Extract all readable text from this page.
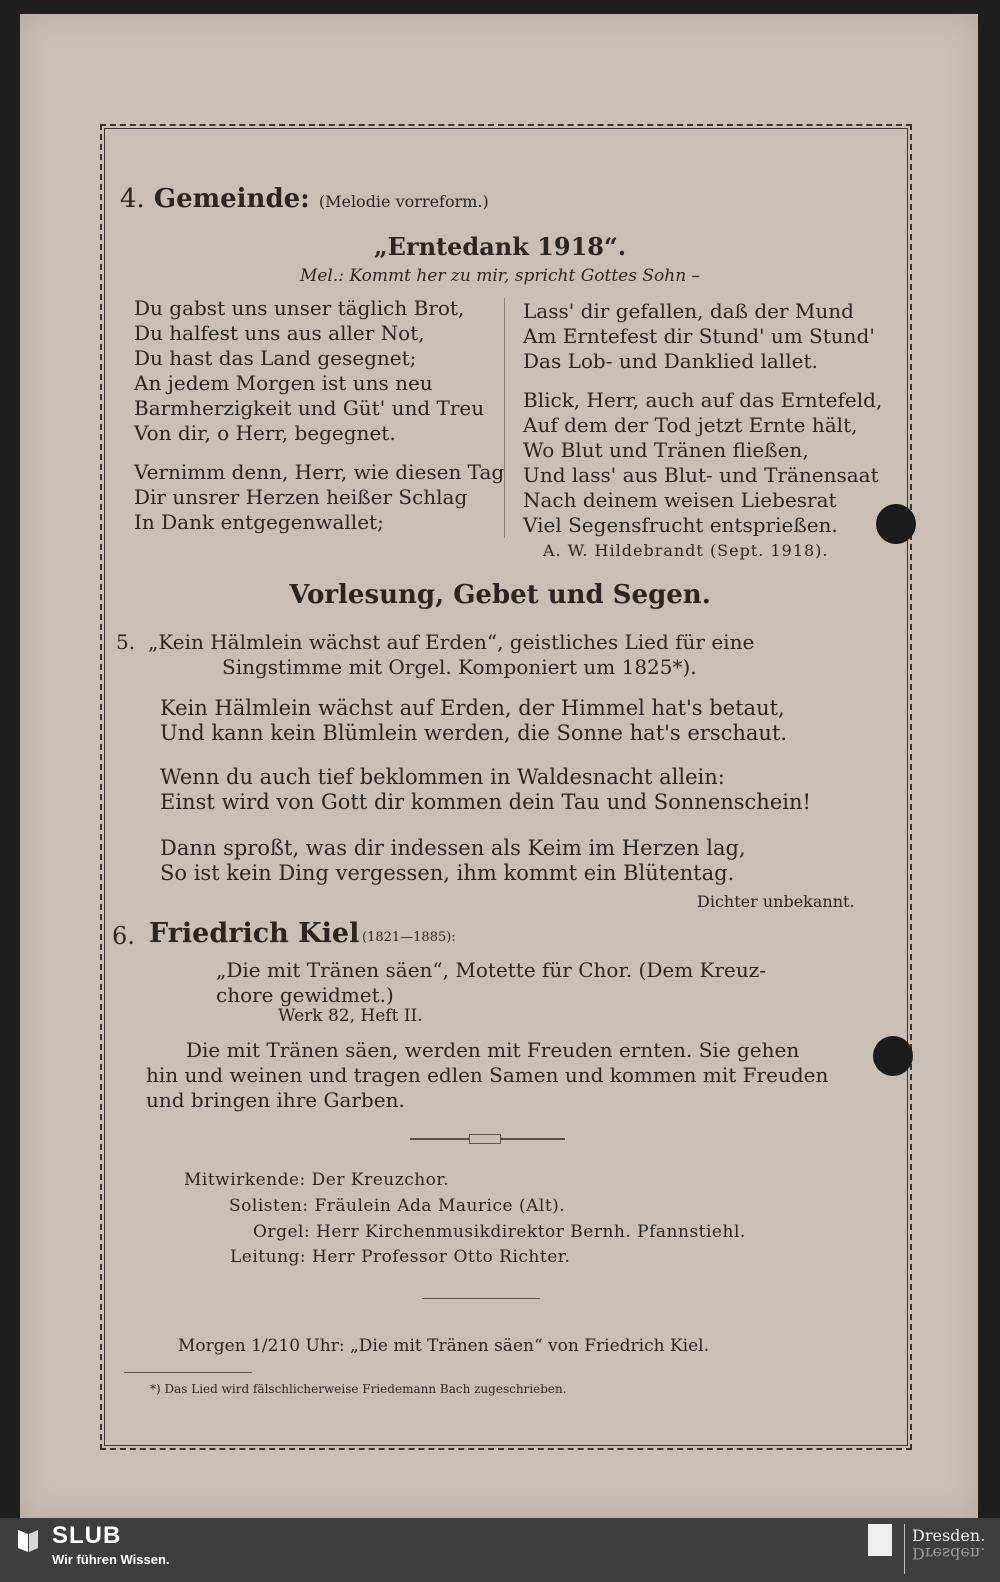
4. Gemeinde: (Melodie vorreform.)
„Erntedank 1918“.
Mel.: Kommt her zu mir, spricht Gottes Sohn –

Du gabst uns unser täglich Brot,

Du halfest uns aus aller Not,

Du hast das Land gesegnet;

An jedem Morgen ist uns neu

Barmherzigkeit und Güt' und Treu

Von dir, o Herr, begegnet.

Vernimm denn, Herr, wie diesen Tag

Dir unsrer Herzen heißer Schlag

In Dank entgegenwallet;

Lass' dir gefallen, daß der Mund

Am Erntefest dir Stund' um Stund'

Das Lob- und Danklied lallet.

Blick, Herr, auch auf das Erntefeld,

Auf dem der Tod jetzt Ernte hält,

Wo Blut und Tränen fließen,

Und lass' aus Blut- und Tränensaat

Nach deinem weisen Liebesrat

Viel Segensfrucht entsprießen.

A. W. Hildebrandt (Sept. 1918).
Vorlesung, Gebet und Segen.
5. „Kein Hälmlein wächst auf Erden“, geistliches Lied für eine
Singstimme mit Orgel. Komponiert um 1825*).

Kein Hälmlein wächst auf Erden, der Himmel hat's betaut,

Und kann kein Blümlein werden, die Sonne hat's erschaut.

Wenn du auch tief beklommen in Waldesnacht allein:

Einst wird von Gott dir kommen dein Tau und Sonnenschein!

Dann sproßt, was dir indessen als Keim im Herzen lag,

So ist kein Ding vergessen, ihm kommt ein Blütentag.

Dichter unbekannt.
6. Friedrich Kiel (1821—1885):
„Die mit Tränen säen“, Motette für Chor. (Dem Kreuz-
chore gewidmet.)
Werk 82, Heft II.

Die mit Tränen säen, werden mit Freuden ernten. Sie gehen

hin und weinen und tragen edlen Samen und kommen mit Freuden

und bringen ihre Garben.

Mitwirkende: Der Kreuzchor.
Solisten: Fräulein Ada Maurice (Alt).
Orgel: Herr Kirchenmusikdirektor Bernh. Pfannstiehl.
Leitung: Herr Professor Otto Richter.
Morgen 1/210 Uhr: „Die mit Tränen säen“ von Friedrich Kiel.
*) Das Lied wird fälschlicherweise Friedemann Bach zugeschrieben.
SLUB
Wir führen Wissen.
Dresden.
Dresden.
